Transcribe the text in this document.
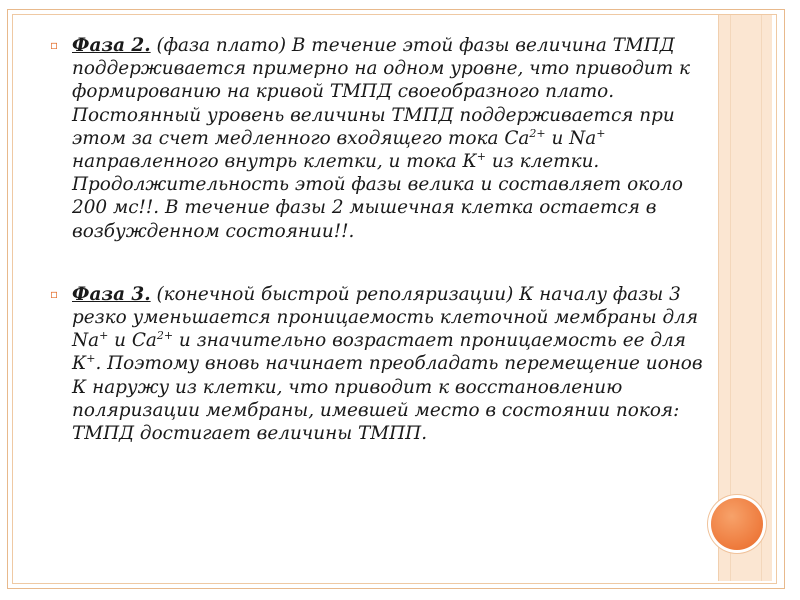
▫ Фаза 2. (фаза плато) В течение этой фазы величина ТМПД поддерживается примерно на одном уровне, что приводит к формированию на кривой ТМПД своеобразного плато. Постоянный уровень величины ТМПД поддерживается при этом за счет медленного входящего тока $Са^{2+}$ и Na+ направленного внутрь клетки, и тока К+ из клетки. Продолжительность этой фазы велика и составляет около 200 мс!!. В течение фазы 2 мышечная клетка остается в возбужденном состоянии!!.
▫ Фаза 3. (конечной быстрой реполяризации) К началу фазы 3 резко уменьшается проницаемость клеточной мембраны для Na+ и $Са^{2+}$ и значительно возрастает проницаемость ее для К+. Поэтому вновь начинает преобладать перемещение ионов К наружу из клетки, что приводит к восстановлению поляризации мембраны, имевшей место в состоянии покоя: ТМПД достигает величины ТМПП.
